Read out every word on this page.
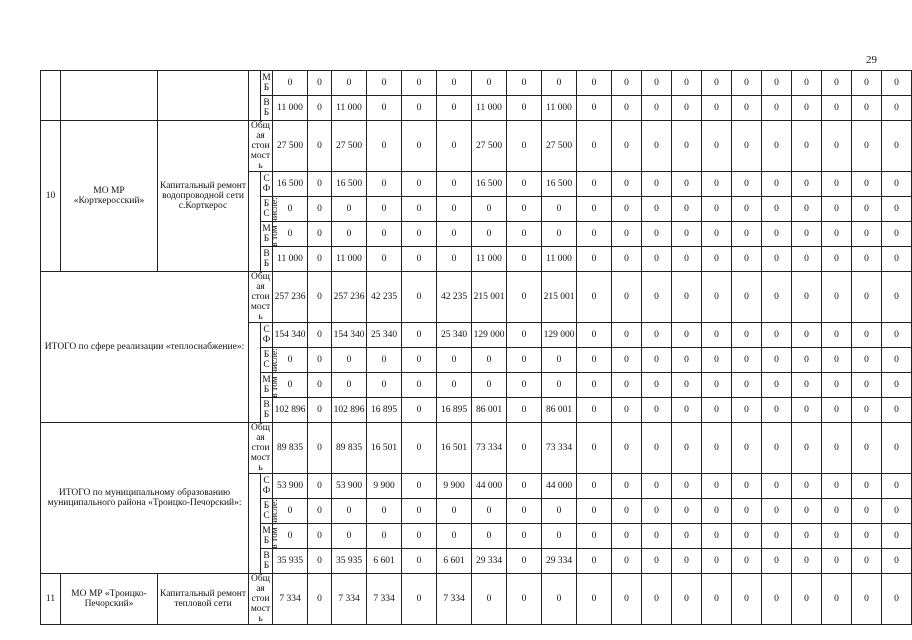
29
				МБ	0	0	0	0	0	0	0	0	0	0	0	0	0	0	0	0	0	0	0	0
				ВБ	11 000	0	11 000	0	0	0	11 000	0	11 000	0	0	0	0	0	0	0	0	0	0	0
10	МО МР «Корткеросский»	Капитальный ремонт водопроводной сети с.Корткерос	Общая стоимость		27 500	0	27 500	0	0	0	27 500	0	27 500	0	0	0	0	0	0	0	0	0	0	0
			в том числе:	СФ	16 500	0	16 500	0	0	0	16 500	0	16 500	0	0	0	0	0	0	0	0	0	0	0
				БС	0	0	0	0	0	0	0	0	0	0	0	0	0	0	0	0	0	0	0	0
				МБ	0	0	0	0	0	0	0	0	0	0	0	0	0	0	0	0	0	0	0	0
				ВБ	11 000	0	11 000	0	0	0	11 000	0	11 000	0	0	0	0	0	0	0	0	0	0	0
ИТОГО по сфере реализации «теплоснабжение»:			Общая стоимость		257 236	0	257 236	42 235	0	42 235	215 001	0	215 001	0	0	0	0	0	0	0	0	0	0	0
			в том числе:	СФ	154 340	0	154 340	25 340	0	25 340	129 000	0	129 000	0	0	0	0	0	0	0	0	0	0	0
				БС	0	0	0	0	0	0	0	0	0	0	0	0	0	0	0	0	0	0	0	0
				МБ	0	0	0	0	0	0	0	0	0	0	0	0	0	0	0	0	0	0	0	0
				ВБ	102 896	0	102 896	16 895	0	16 895	86 001	0	86 001	0	0	0	0	0	0	0	0	0	0	0
ИТОГО по муниципальному образованию муниципального района «Троицко-Печорский»:			Общая стоимость		89 835	0	89 835	16 501	0	16 501	73 334	0	73 334	0	0	0	0	0	0	0	0	0	0	0
			в том числе:	СФ	53 900	0	53 900	9 900	0	9 900	44 000	0	44 000	0	0	0	0	0	0	0	0	0	0	0
				БС	0	0	0	0	0	0	0	0	0	0	0	0	0	0	0	0	0	0	0	0
				МБ	0	0	0	0	0	0	0	0	0	0	0	0	0	0	0	0	0	0	0	0
				ВБ	35 935	0	35 935	6 601	0	6 601	29 334	0	29 334	0	0	0	0	0	0	0	0	0	0	0
11	МО МР «Троицко-Печорский»	Капитальный ремонт тепловой сети	Общая стоимость		7 334	0	7 334	7 334	0	7 334	0	0	0	0	0	0	0	0	0	0	0	0	0	0
